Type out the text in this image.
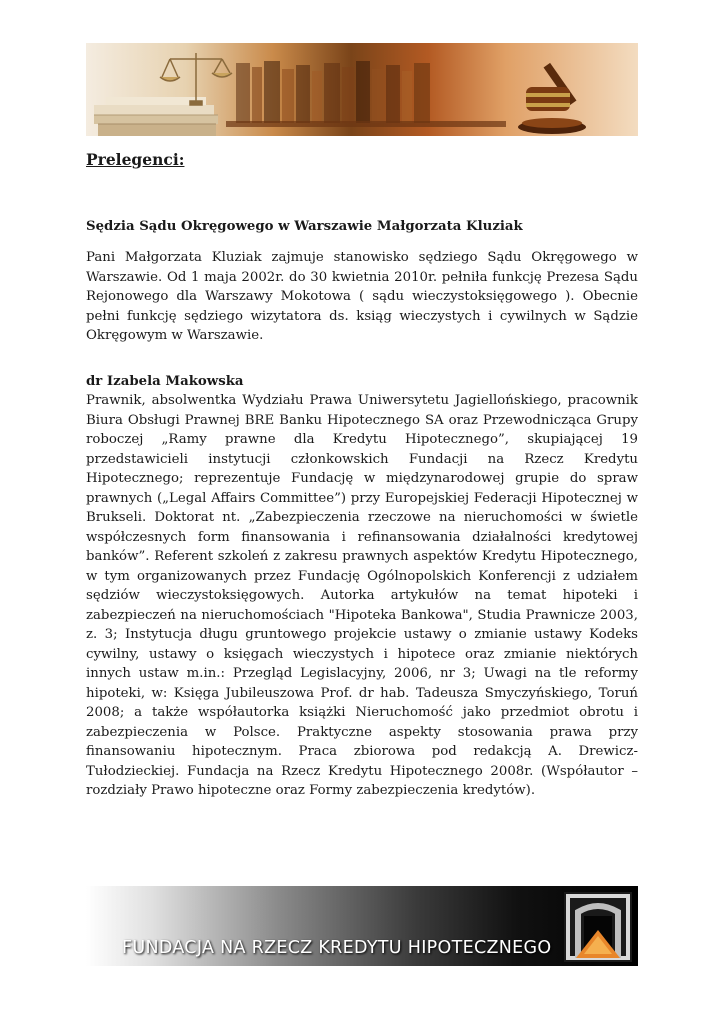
Prelegenci:
Sędzia Sądu Okręgowego w Warszawie Małgorzata Kluziak

Pani Małgorzata Kluziak zajmuje stanowisko sędziego Sądu Okręgowego w Warszawie. Od 1 maja 2002r. do 30 kwietnia 2010r. pełniła funkcję Prezesa Sądu Rejonowego dla Warszawy Mokotowa ( sądu wieczystoksięgowego ). Obecnie pełni funkcję sędziego wizytatora ds. ksiąg wieczystych i cywilnych w Sądzie Okręgowym w Warszawie.

dr Izabela Makowska

Prawnik, absolwentka Wydziału Prawa Uniwersytetu Jagiellońskiego, pracownik Biura Obsługi Prawnej BRE Banku Hipotecznego SA oraz Przewodnicząca Grupy roboczej „Ramy prawne dla Kredytu Hipotecznego”, skupiającej 19 przedstawicieli instytucji członkowskich Fundacji na Rzecz Kredytu Hipotecznego; reprezentuje Fundację w międzynarodowej grupie do spraw prawnych („Legal Affairs Committee”) przy Europejskiej Federacji Hipotecznej w Brukseli. Doktorat nt. „Zabezpieczenia rzeczowe na nieruchomości w świetle współczesnych form finansowania i refinansowania działalności kredytowej banków”. Referent szkoleń z zakresu prawnych aspektów Kredytu Hipotecznego, w tym organizowanych przez Fundację Ogólnopolskich Konferencji z udziałem sędziów wieczystoksięgowych. Autorka artykułów na temat hipoteki i zabezpieczeń na nieruchomościach "Hipoteka Bankowa", Studia Prawnicze 2003, z. 3; Instytucja długu gruntowego projekcie ustawy o zmianie ustawy Kodeks cywilny, ustawy o księgach wieczystych i hipotece oraz zmianie niektórych innych ustaw m.in.: Przegląd Legislacyjny, 2006, nr 3; Uwagi na tle reformy hipoteki, w: Księga Jubileuszowa Prof. dr hab. Tadeusza Smyczyńskiego, Toruń 2008; a także współautorka książki Nieruchomość jako przedmiot obrotu i zabezpieczenia w Polsce. Praktyczne aspekty stosowania prawa przy finansowaniu hipotecznym. Praca zbiorowa pod redakcją A. Drewicz-Tułodzieckiej. Fundacja na Rzecz Kredytu Hipotecznego 2008r. (Współautor – rozdziały Prawo hipoteczne oraz Formy zabezpieczenia kredytów).

FUNDACJA NA RZECZ KREDYTU HIPOTECZNEGO
